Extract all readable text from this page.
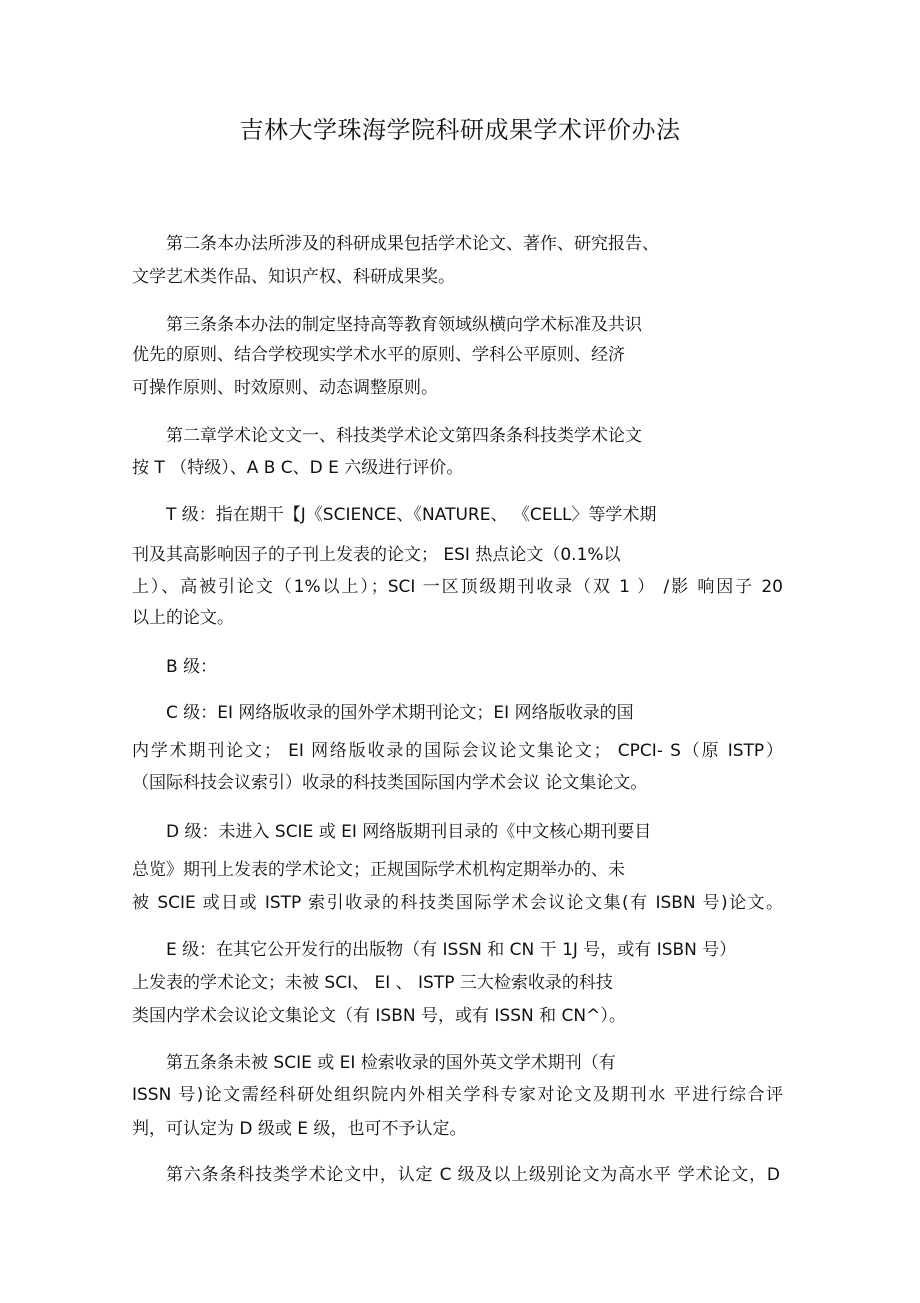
吉林大学珠海学院科研成果学术评价办法
第二条本办法所涉及的科研成果包括学术论文、著作、研究报告、
文学艺术类作品、知识产权、科研成果奖。
第三条条本办法的制定坚持高等教育领域纵横向学术标准及共识
优先的原则、结合学校现实学术水平的原则、学科公平原则、经济
可操作原则、时效原则、动态调整原则。
第二章学术论文文一、科技类学术论文第四条条科技类学术论文
按 T （特级）、A B C、D E 六级进行评价。
T 级：指在期干【J《SCIENCE、《NATURE、 《CELL〉等学术期
刊及其高影响因子的子刊上发表的论文； ESI 热点论文（0.1%以
上）、高被引论文（1%以上）；SCI 一区顶级期刊收录（双 1 ） /影 响因子 20
以上的论文。
B 级：
C 级：EI 网络版收录的国外学术期刊论文；EI 网络版收录的国
内学术期刊论文； EI 网络版收录的国际会议论文集论文； CPCI- S（原 ISTP）
（国际科技会议索引）收录的科技类国际国内学术会议 论文集论文。
D 级：未进入 SCIE 或 EI 网络版期刊目录的《中文核心期刊要目
总览》期刊上发表的学术论文；正规国际学术机构定期举办的、未
被 SCIE 或日或 ISTP 索引收录的科技类国际学术会议论文集(有 ISBN 号)论文。
E 级：在其它公开发行的出版物（有 ISSN 和 CN 干 1J 号，或有 ISBN 号）
上发表的学术论文；未被 SCI、 EI 、 ISTP 三大检索收录的科技
类国内学术会议论文集论文（有 ISBN 号，或有 ISSN 和 CN^）。
第五条条未被 SCIE 或 EI 检索收录的国外英文学术期刊（有
ISSN 号)论文需经科研处组织院内外相关学科专家对论文及期刊水 平进行综合评
判，可认定为 D 级或 E 级，也可不予认定。
第六条条科技类学术论文中，认定 C 级及以上级别论文为高水平 学术论文，D
